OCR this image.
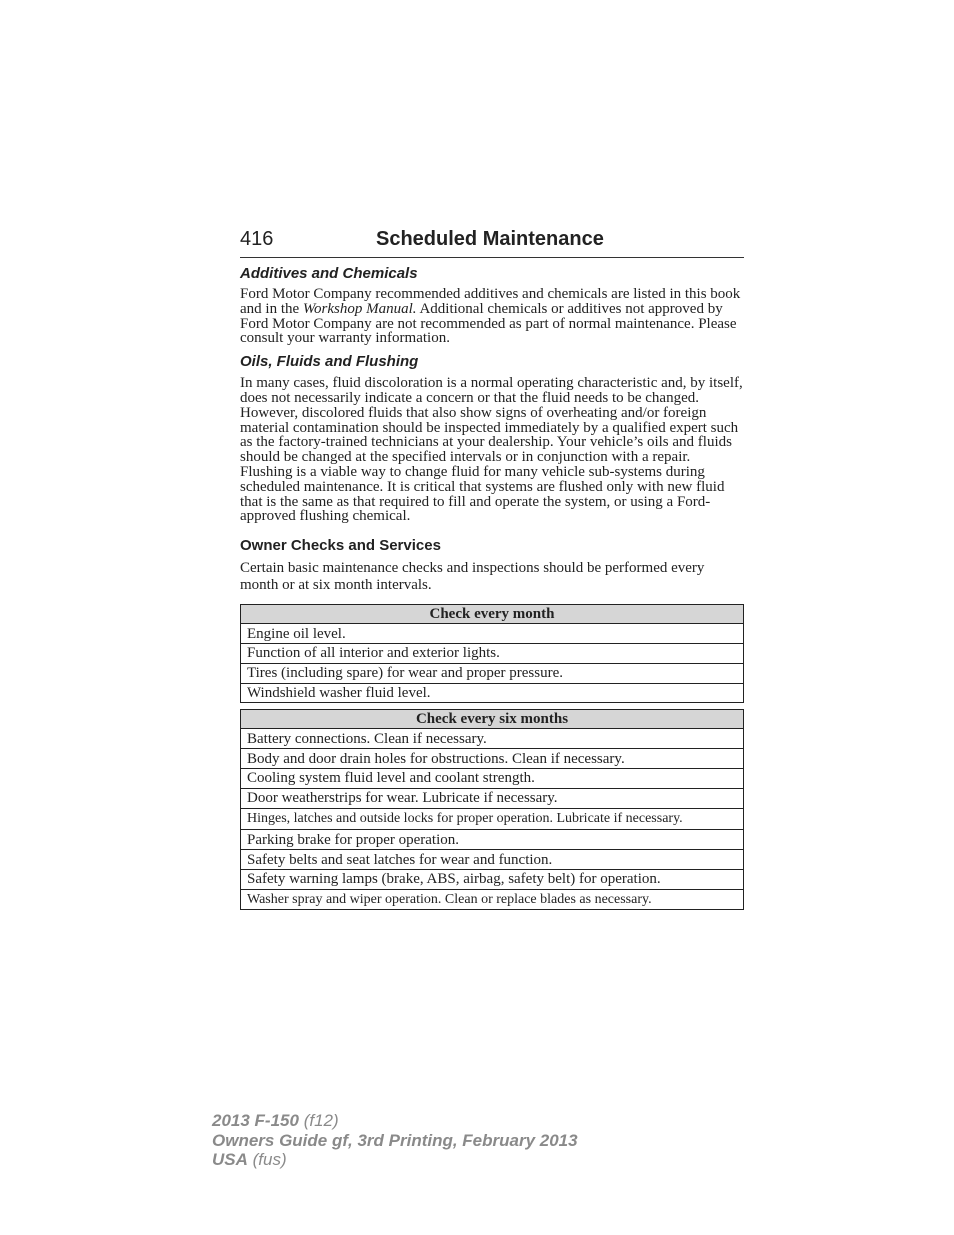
416	Scheduled Maintenance
Additives and Chemicals

Ford Motor Company recommended additives and chemicals are listed in this book and in the Workshop Manual. Additional chemicals or additives not approved by Ford Motor Company are not recommended as part of normal maintenance. Please consult your warranty information.

Oils, Fluids and Flushing

In many cases, fluid discoloration is a normal operating characteristic and, by itself, does not necessarily indicate a concern or that the fluid needs to be changed. However, discolored fluids that also show signs of overheating and/or foreign material contamination should be inspected immediately by a qualified expert such as the factory-trained technicians at your dealership. Your vehicle’s oils and fluids should be changed at the specified intervals or in conjunction with a repair. Flushing is a viable way to change fluid for many vehicle sub-systems during scheduled maintenance. It is critical that systems are flushed only with new fluid that is the same as that required to fill and operate the system, or using a Ford-approved flushing chemical.

Owner Checks and Services

Certain basic maintenance checks and inspections should be performed every month or at six month intervals.

Check every month
Engine oil level.
Function of all interior and exterior lights.
Tires (including spare) for wear and proper pressure.
Windshield washer fluid level.
Check every six months
Battery connections. Clean if necessary.
Body and door drain holes for obstructions. Clean if necessary.
Cooling system fluid level and coolant strength.
Door weatherstrips for wear. Lubricate if necessary.
Hinges, latches and outside locks for proper operation. Lubricate if necessary.
Parking brake for proper operation.
Safety belts and seat latches for wear and function.
Safety warning lamps (brake, ABS, airbag, safety belt) for operation.
Washer spray and wiper operation. Clean or replace blades as necessary.
2013 F-150 (f12)
Owners Guide gf, 3rd Printing, February 2013
USA (fus)
